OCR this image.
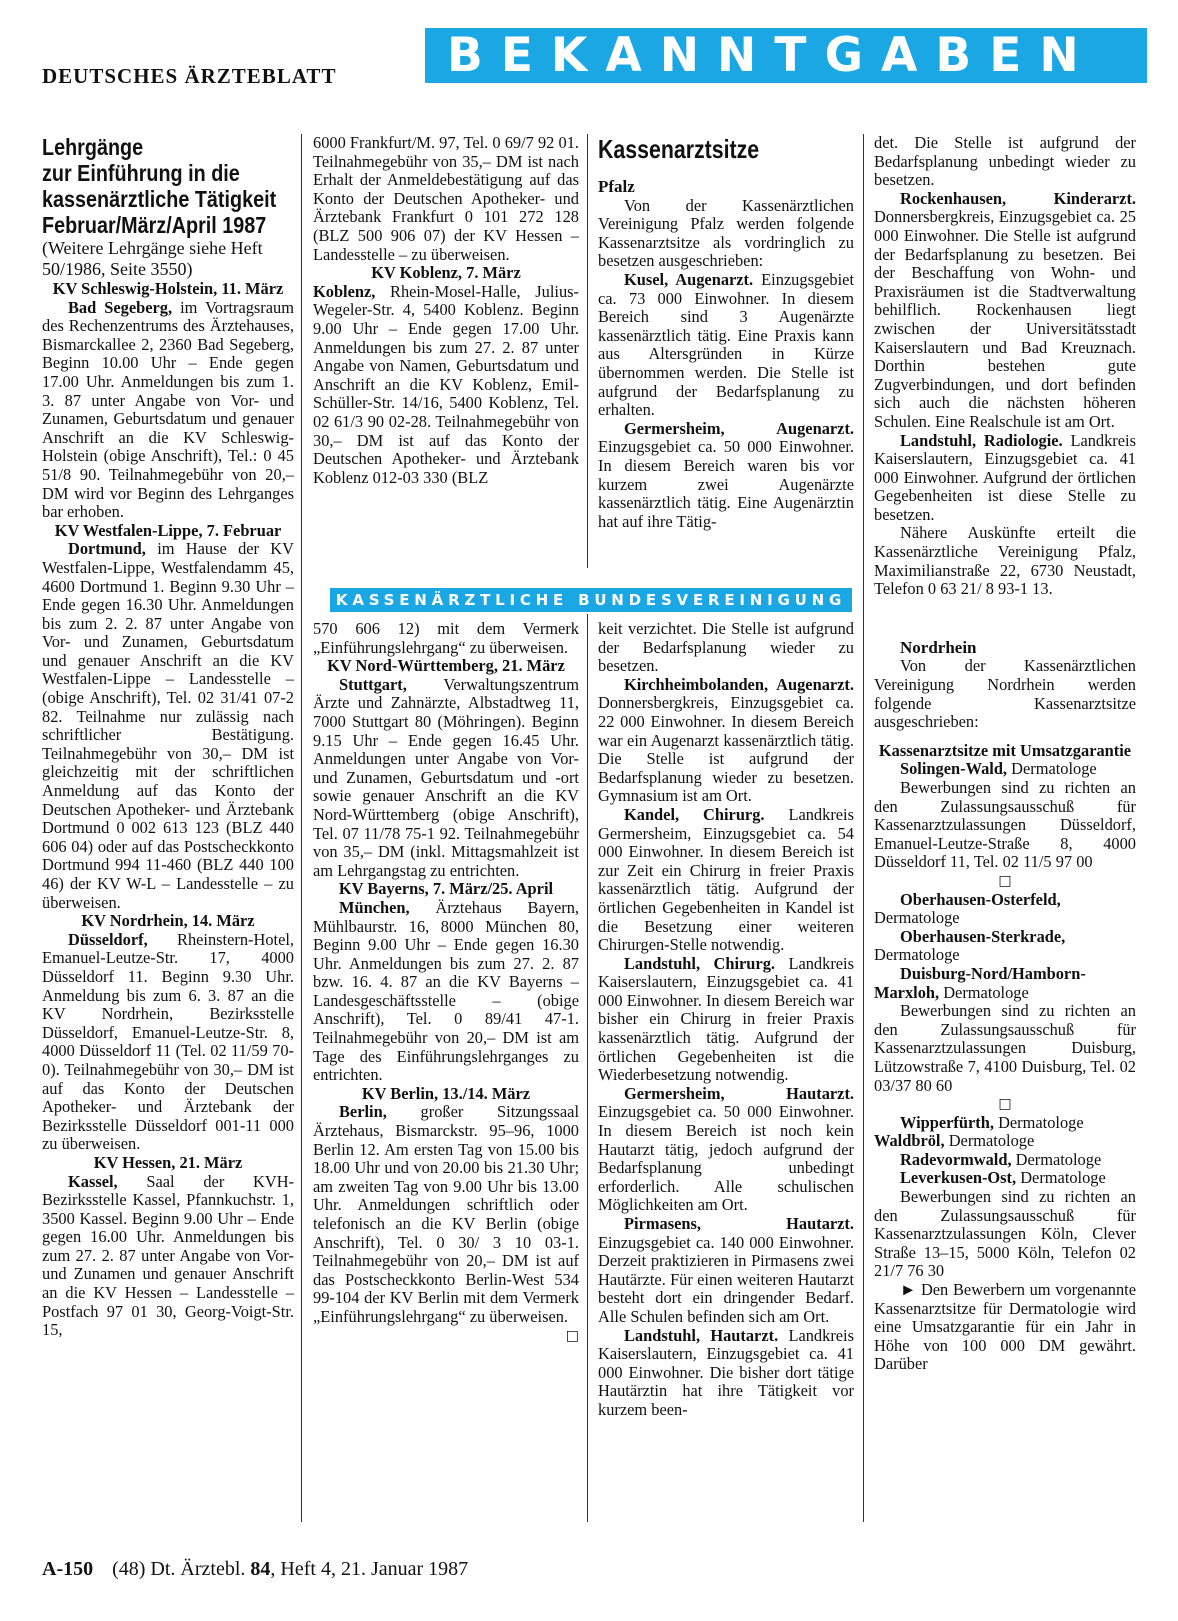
DEUTSCHES ÄRZTEBLATT	BEKANNTGABEN
Lehrgänge
zur Einführung in die
kassenärztliche Tätigkeit
Februar/März/April 1987

(Weitere Lehrgänge siehe Heft 50/1986, Seite 3550)

KV Schleswig-Holstein, 11. März

Bad Segeberg, im Vortragsraum des Rechenzentrums des Ärztehauses, Bismarckallee 2, 2360 Bad Segeberg, Beginn 10.00 Uhr – Ende gegen 17.00 Uhr. Anmeldungen bis zum 1. 3. 87 unter Angabe von Vor- und Zunamen, Geburtsdatum und genauer Anschrift an die KV Schleswig-Holstein (obige Anschrift), Tel.: 0 45 51/8 90. Teilnahmegebühr von 20,– DM wird vor Beginn des Lehrganges bar erhoben.

KV Westfalen-Lippe, 7. Februar

Dortmund, im Hause der KV Westfalen-Lippe, Westfalendamm 45, 4600 Dortmund 1. Beginn 9.30 Uhr – Ende gegen 16.30 Uhr. Anmeldungen bis zum 2. 2. 87 unter Angabe von Vor- und Zunamen, Geburtsdatum und genauer Anschrift an die KV Westfalen-Lippe – Landesstelle – (obige Anschrift), Tel. 02 31/41 07-2 82. Teilnahme nur zulässig nach schriftlicher Bestätigung. Teilnahmegebühr von 30,– DM ist gleichzeitig mit der schriftlichen Anmeldung auf das Konto der Deutschen Apotheker- und Ärztebank Dortmund 0 002 613 123 (BLZ 440 606 04) oder auf das Postscheckkonto Dortmund 994 11-460 (BLZ 440 100 46) der KV W-L – Landesstelle – zu überweisen.

KV Nordrhein, 14. März

Düsseldorf, Rheinstern-Hotel, Emanuel-Leutze-Str. 17, 4000 Düsseldorf 11. Beginn 9.30 Uhr. Anmeldung bis zum 6. 3. 87 an die KV Nordrhein, Bezirksstelle Düsseldorf, Emanuel-Leutze-Str. 8, 4000 Düsseldorf 11 (Tel. 02 11/59 70-0). Teilnahmegebühr von 30,– DM ist auf das Konto der Deutschen Apotheker- und Ärztebank der Bezirksstelle Düsseldorf 001-11 000 zu überweisen.

KV Hessen, 21. März

Kassel, Saal der KVH-Bezirksstelle Kassel, Pfannkuchstr. 1, 3500 Kassel. Beginn 9.00 Uhr – Ende gegen 16.00 Uhr. Anmeldungen bis zum 27. 2. 87 unter Angabe von Vor- und Zunamen und genauer Anschrift an die KV Hessen – Landesstelle – Postfach 97 01 30, Georg-Voigt-Str. 15,

6000 Frankfurt/M. 97, Tel. 0 69/7 92 01. Teilnahmegebühr von 35,– DM ist nach Erhalt der Anmeldebestätigung auf das Konto der Deutschen Apotheker- und Ärztebank Frankfurt 0 101 272 128 (BLZ 500 906 07) der KV Hessen – Landesstelle – zu überweisen.

KV Koblenz, 7. März

Koblenz, Rhein-Mosel-Halle, Julius-Wegeler-Str. 4, 5400 Koblenz. Beginn 9.00 Uhr – Ende gegen 17.00 Uhr. Anmeldungen bis zum 27. 2. 87 unter Angabe von Namen, Geburtsdatum und Anschrift an die KV Koblenz, Emil-Schüller-Str. 14/16, 5400 Koblenz, Tel. 02 61/3 90 02-28. Teilnahmegebühr von 30,– DM ist auf das Konto der Deutschen Apotheker- und Ärztebank Koblenz 012-03 330 (BLZ

KASSENÄRZTLICHE BUNDESVEREINIGUNG

570 606 12) mit dem Vermerk „Einführungslehrgang“ zu überweisen.

KV Nord-Württemberg, 21. März

Stuttgart, Verwaltungszentrum Ärzte und Zahnärzte, Albstadtweg 11, 7000 Stuttgart 80 (Möhringen). Beginn 9.15 Uhr – Ende gegen 16.45 Uhr. Anmeldungen unter Angabe von Vor- und Zunamen, Geburtsdatum und -ort sowie genauer Anschrift an die KV Nord-Württemberg (obige Anschrift), Tel. 07 11/78 75-1 92. Teilnahmegebühr von 35,– DM (inkl. Mittagsmahlzeit ist am Lehrgangstag zu entrichten.

KV Bayerns, 7. März/25. April

München, Ärztehaus Bayern, Mühlbaurstr. 16, 8000 München 80, Beginn 9.00 Uhr – Ende gegen 16.30 Uhr. Anmeldungen bis zum 27. 2. 87 bzw. 16. 4. 87 an die KV Bayerns – Landesgeschäftsstelle – (obige Anschrift), Tel. 0 89/41 47-1. Teilnahmegebühr von 20,– DM ist am Tage des Einführungslehrganges zu entrichten.

KV Berlin, 13./14. März

Berlin, großer Sitzungssaal Ärztehaus, Bismarckstr. 95–96, 1000 Berlin 12. Am ersten Tag von 15.00 bis 18.00 Uhr und von 20.00 bis 21.30 Uhr; am zweiten Tag von 9.00 Uhr bis 13.00 Uhr. Anmeldungen schriftlich oder telefonisch an die KV Berlin (obige Anschrift), Tel. 0 30/ 3 10 03-1. Teilnahmegebühr von 20,– DM ist auf das Postscheckkonto Berlin-West 534 99-104 der KV Berlin mit dem Vermerk „Einführungslehrgang“ zu überweisen.
□

Kassenarztsitze

Pfalz

Von der Kassenärztlichen Vereinigung Pfalz werden folgende Kassenarztsitze als vordringlich zu besetzen ausgeschrieben:

Kusel, Augenarzt. Einzugsgebiet ca. 73 000 Einwohner. In diesem Bereich sind 3 Augenärzte kassenärztlich tätig. Eine Praxis kann aus Altersgründen in Kürze übernommen werden. Die Stelle ist aufgrund der Bedarfsplanung zu erhalten.

Germersheim, Augenarzt. Einzugsgebiet ca. 50 000 Einwohner. In diesem Bereich waren bis vor kurzem zwei Augenärzte kassenärztlich tätig. Eine Augenärztin hat auf ihre Tätig-

keit verzichtet. Die Stelle ist aufgrund der Bedarfsplanung wieder zu besetzen.

Kirchheimbolanden, Augenarzt. Donnersbergkreis, Einzugsgebiet ca. 22 000 Einwohner. In diesem Bereich war ein Augenarzt kassenärztlich tätig. Die Stelle ist aufgrund der Bedarfsplanung wieder zu besetzen. Gymnasium ist am Ort.

Kandel, Chirurg. Landkreis Germersheim, Einzugsgebiet ca. 54 000 Einwohner. In diesem Bereich ist zur Zeit ein Chirurg in freier Praxis kassenärztlich tätig. Aufgrund der örtlichen Gegebenheiten in Kandel ist die Besetzung einer weiteren Chirurgen-Stelle notwendig.

Landstuhl, Chirurg. Landkreis Kaiserslautern, Einzugsgebiet ca. 41 000 Einwohner. In diesem Bereich war bisher ein Chirurg in freier Praxis kassenärztlich tätig. Aufgrund der örtlichen Gegebenheiten ist die Wiederbesetzung notwendig.

Germersheim, Hautarzt. Einzugsgebiet ca. 50 000 Einwohner. In diesem Bereich ist noch kein Hautarzt tätig, jedoch aufgrund der Bedarfsplanung unbedingt erforderlich. Alle schulischen Möglichkeiten am Ort.

Pirmasens, Hautarzt. Einzugsgebiet ca. 140 000 Einwohner. Derzeit praktizieren in Pirmasens zwei Hautärzte. Für einen weiteren Hautarzt besteht dort ein dringender Bedarf. Alle Schulen befinden sich am Ort.

Landstuhl, Hautarzt. Landkreis Kaiserslautern, Einzugsgebiet ca. 41 000 Einwohner. Die bisher dort tätige Hautärztin hat ihre Tätigkeit vor kurzem been-

det. Die Stelle ist aufgrund der Bedarfsplanung unbedingt wieder zu besetzen.

Rockenhausen, Kinderarzt. Donnersbergkreis, Einzugsgebiet ca. 25 000 Einwohner. Die Stelle ist aufgrund der Bedarfsplanung zu besetzen. Bei der Beschaffung von Wohn- und Praxisräumen ist die Stadtverwaltung behilflich. Rockenhausen liegt zwischen der Universitätsstadt Kaiserslautern und Bad Kreuznach. Dorthin bestehen gute Zugverbindungen, und dort befinden sich auch die nächsten höheren Schulen. Eine Realschule ist am Ort.

Landstuhl, Radiologie. Landkreis Kaiserslautern, Einzugsgebiet ca. 41 000 Einwohner. Aufgrund der örtlichen Gegebenheiten ist diese Stelle zu besetzen.

Nähere Auskünfte erteilt die Kassenärztliche Vereinigung Pfalz, Maximilianstraße 22, 6730 Neustadt, Telefon 0 63 21/ 8 93-1 13.

Nordrhein

Von der Kassenärztlichen Vereinigung Nordrhein werden folgende Kassenarztsitze ausgeschrieben:

Kassenarztsitze mit Umsatzgarantie

Solingen-Wald, Dermatologe

Bewerbungen sind zu richten an den Zulassungsausschuß für Kassenarztzulassungen Düsseldorf, Emanuel-Leutze-Straße 8, 4000 Düsseldorf 11, Tel. 02 11/5 97 00

□

Oberhausen-Osterfeld, Dermatologe

Oberhausen-Sterkrade, Dermatologe

Duisburg-Nord/Hamborn-Marxloh, Dermatologe

Bewerbungen sind zu richten an den Zulassungsausschuß für Kassenarztzulassungen Duisburg, Lützowstraße 7, 4100 Duisburg, Tel. 02 03/37 80 60

□

Wipperfürth, Dermatologe

Waldbröl, Dermatologe

Radevormwald, Dermatologe

Leverkusen-Ost, Dermatologe

Bewerbungen sind zu richten an den Zulassungsausschuß für Kassenarztzulassungen Köln, Clever Straße 13–15, 5000 Köln, Telefon 02 21/7 76 30

► Den Bewerbern um vorgenannte Kassenarztsitze für Dermatologie wird eine Umsatzgarantie für ein Jahr in Höhe von 100 000 DM gewährt. Darüber

A-150 (48) Dt. Ärztebl. 84, Heft 4, 21. Januar 1987
